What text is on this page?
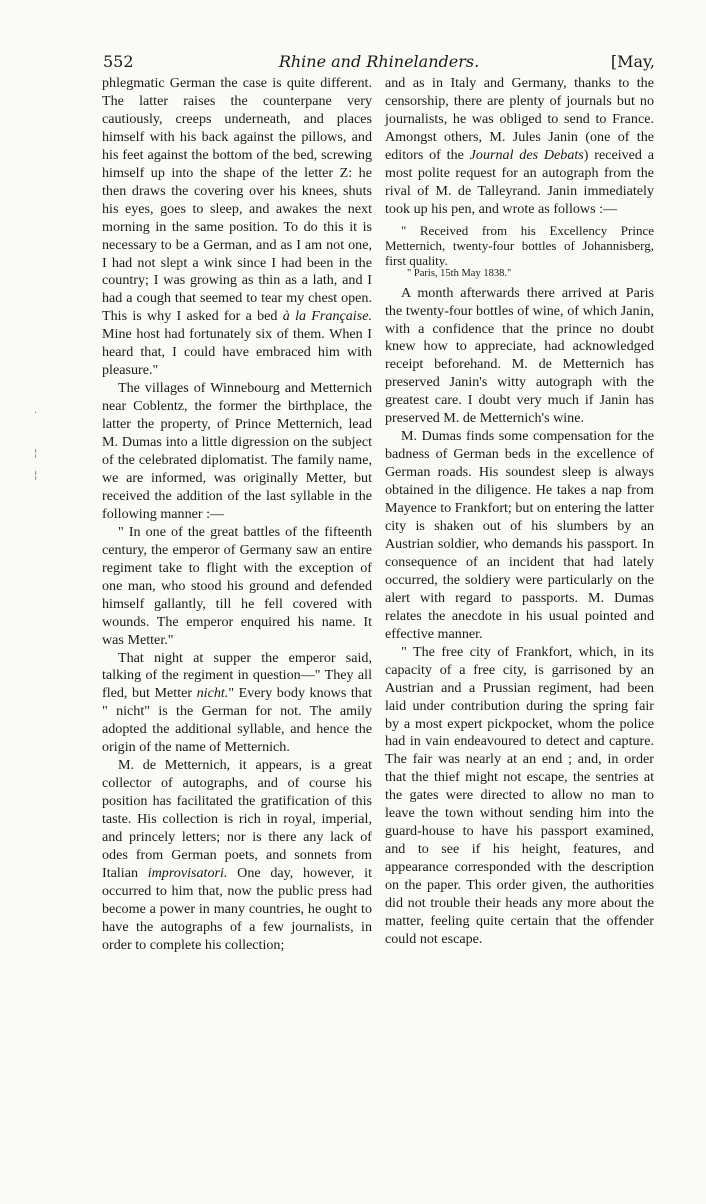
552	Rhine and Rhinelanders.	[May,
·
¦
¦

phlegmatic German the case is quite different. The latter raises the counterpane very cautiously, creeps underneath, and places himself with his back against the pillows, and his feet against the bottom of the bed, screwing himself up into the shape of the letter Z: he then draws the covering over his knees, shuts his eyes, goes to sleep, and awakes the next morning in the same position. To do this it is necessary to be a German, and as I am not one, I had not slept a wink since I had been in the country; I was growing as thin as a lath, and I had a cough that seemed to tear my chest open. This is why I asked for a bed à la Française. Mine host had fortunately six of them. When I heard that, I could have embraced him with pleasure."

The villages of Winnebourg and Metternich near Coblentz, the former the birthplace, the latter the property, of Prince Metternich, lead M. Dumas into a little digression on the subject of the celebrated diplomatist. The family name, we are informed, was originally Metter, but received the addition of the last syllable in the following manner :—

" In one of the great battles of the fifteenth century, the emperor of Germany saw an entire regiment take to flight with the exception of one man, who stood his ground and defended himself gallantly, till he fell covered with wounds. The emperor enquired his name. It was Metter."

That night at supper the emperor said, talking of the regiment in question—" They all fled, but Metter nicht." Every body knows that " nicht" is the German for not. The amily adopted the additional syllable, and hence the origin of the name of Metternich.

M. de Metternich, it appears, is a great collector of autographs, and of course his position has facilitated the gratification of this taste. His collection is rich in royal, imperial, and princely letters; nor is there any lack of odes from German poets, and sonnets from Italian improvisatori. One day, however, it occurred to him that, now the public press had become a power in many countries, he ought to have the autographs of a few journalists, in order to complete his collection;

and as in Italy and Germany, thanks to the censorship, there are plenty of journals but no journalists, he was obliged to send to France. Amongst others, M. Jules Janin (one of the editors of the Journal des Debats) received a most polite request for an autograph from the rival of M. de Talleyrand. Janin immediately took up his pen, and wrote as follows :—

" Received from his Excellency Prince Metternich, twenty-four bottles of Johannisberg, first quality.

" Paris, 15th May 1838."

A month afterwards there arrived at Paris the twenty-four bottles of wine, of which Janin, with a confidence that the prince no doubt knew how to appreciate, had acknowledged receipt beforehand. M. de Metternich has preserved Janin's witty autograph with the greatest care. I doubt very much if Janin has preserved M. de Metternich's wine.

M. Dumas finds some compensation for the badness of German beds in the excellence of German roads. His soundest sleep is always obtained in the diligence. He takes a nap from Mayence to Frankfort; but on entering the latter city is shaken out of his slumbers by an Austrian soldier, who demands his passport. In consequence of an incident that had lately occurred, the soldiery were particularly on the alert with regard to passports. M. Dumas relates the anecdote in his usual pointed and effective manner.

" The free city of Frankfort, which, in its capacity of a free city, is garrisoned by an Austrian and a Prussian regiment, had been laid under contribution during the spring fair by a most expert pickpocket, whom the police had in vain endeavoured to detect and capture. The fair was nearly at an end ; and, in order that the thief might not escape, the sentries at the gates were directed to allow no man to leave the town without sending him into the guard-house to have his passport examined, and to see if his height, features, and appearance corresponded with the description on the paper. This order given, the authorities did not trouble their heads any more about the matter, feeling quite certain that the offender could not escape.
